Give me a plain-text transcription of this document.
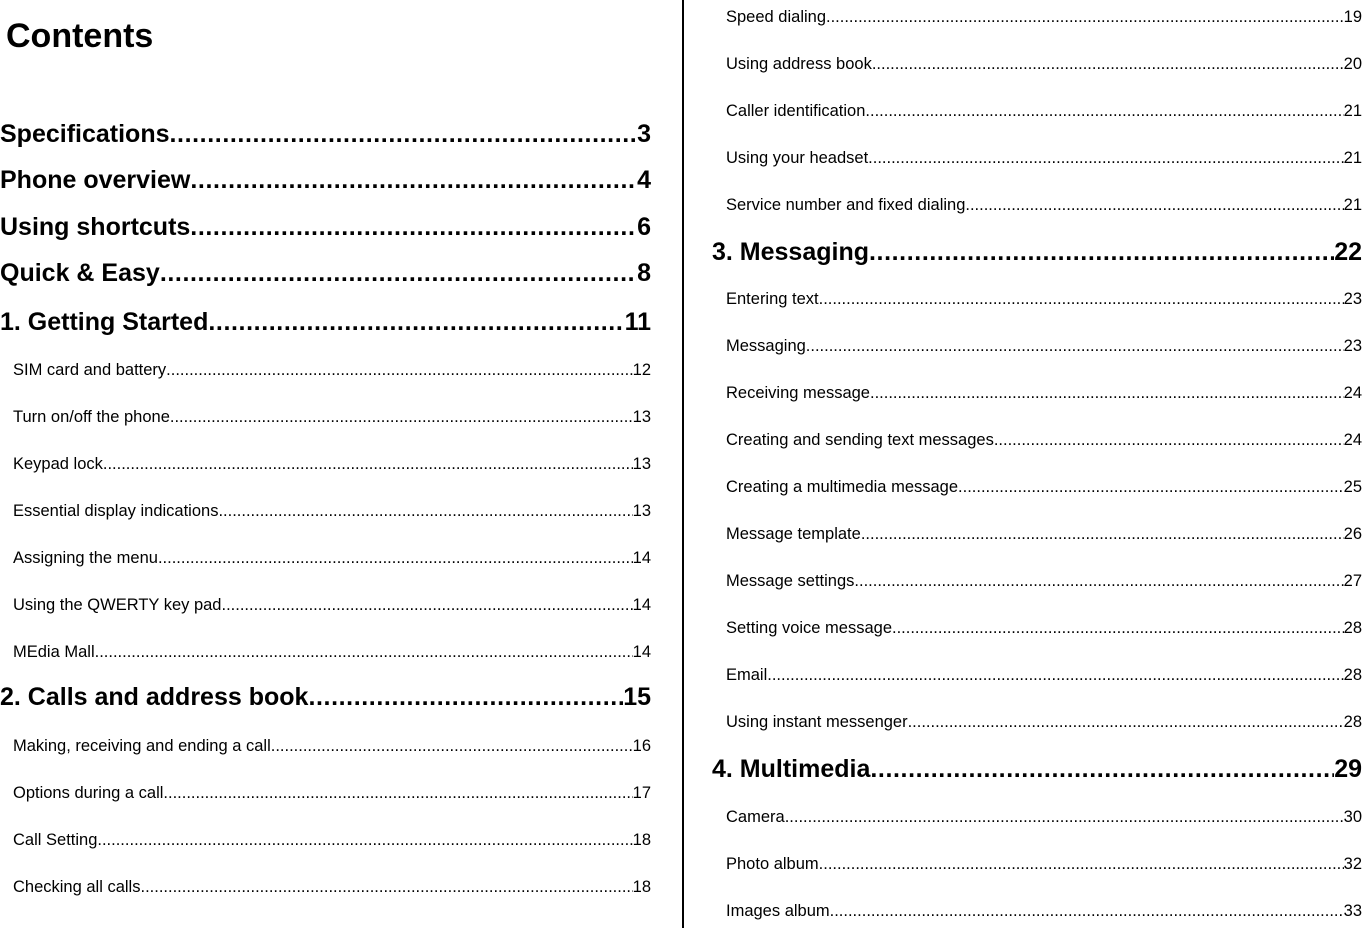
Contents
Specifications .....	3
Phone overview .....	4
Using shortcuts .....	6
Quick & Easy .....	8
1. Getting Started .....	11
SIM card and battery .....	12
Turn on/off the phone .....	13
Keypad lock .....	13
Essential display indications .....	13
Assigning the menu .....	14
Using the QWERTY key pad .....	14
MEdia Mall .....	14
2. Calls and address book .....	15
Making, receiving and ending a call .....	16
Options during a call .....	17
Call Setting .....	18
Checking all calls .....	18
Speed dialing .....	19
Using address book .....	20
Caller identification .....	21
Using your headset .....	21
Service number and fixed dialing .....	21
3. Messaging .....	22
Entering text .....	23
Messaging .....	23
Receiving message .....	24
Creating and sending text messages .....	24
Creating a multimedia message .....	25
Message template .....	26
Message settings .....	27
Setting voice message .....	28
Email .....	28
Using instant messenger .....	28
4. Multimedia .....	29
Camera .....	30
Photo album .....	32
Images album .....	33
